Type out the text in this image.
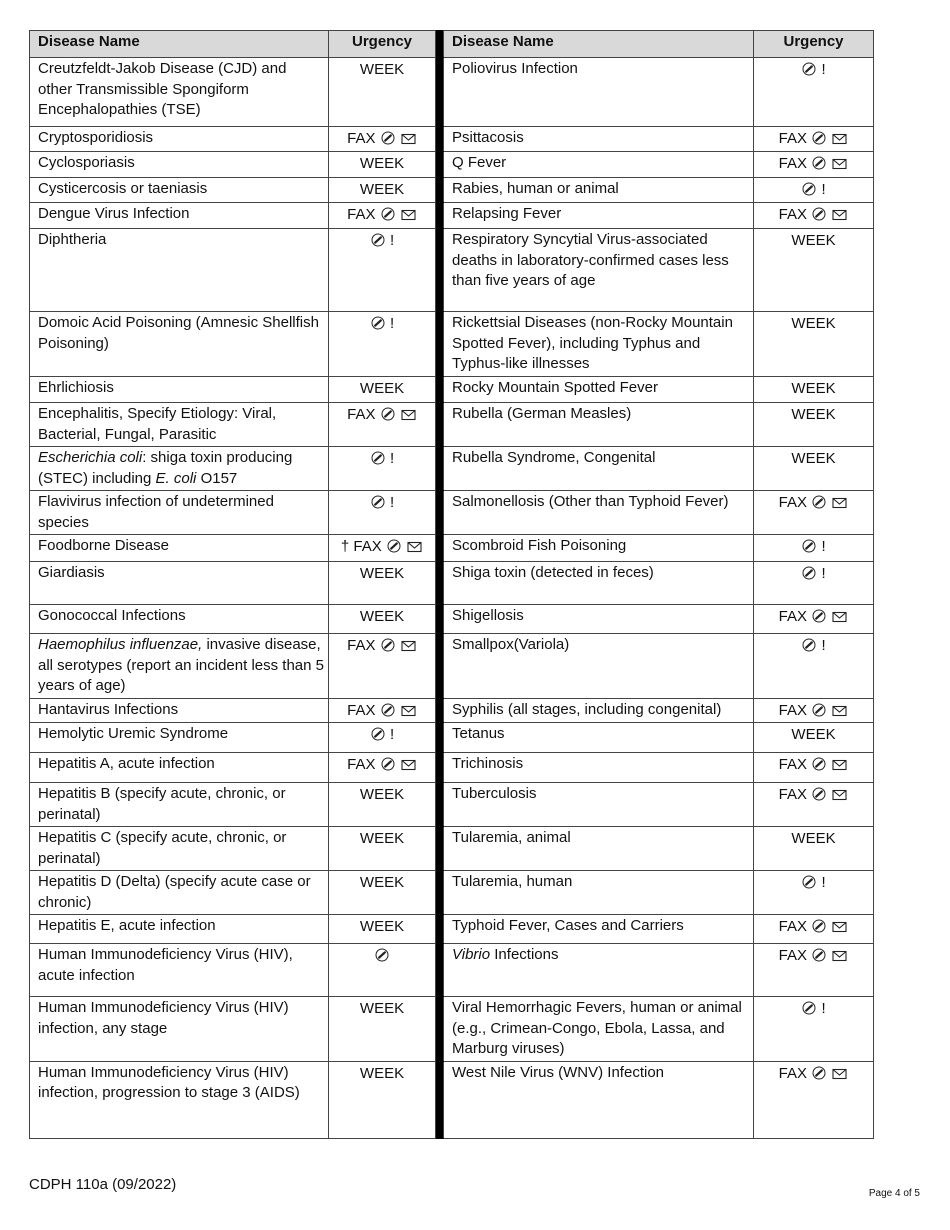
Disease Name	Urgency		Disease Name	Urgency
Creutzfeldt-Jakob Disease (CJD) and other Transmissible Spongiform Encephalopathies (TSE)	WEEK		Poliovirus Infection	!
Cryptosporidiosis	FAX		Psittacosis	FAX
Cyclosporiasis	WEEK		Q Fever	FAX
Cysticercosis or taeniasis	WEEK		Rabies, human or animal	!
Dengue Virus Infection	FAX		Relapsing Fever	FAX
Diphtheria	!		Respiratory Syncytial Virus-associated deaths in laboratory-confirmed cases less than five years of age	WEEK
Domoic Acid Poisoning (Amnesic Shellfish Poisoning)	!		Rickettsial Diseases (non-Rocky Mountain Spotted Fever), including Typhus and Typhus-like illnesses	WEEK
Ehrlichiosis	WEEK		Rocky Mountain Spotted Fever	WEEK
Encephalitis, Specify Etiology: Viral, Bacterial, Fungal, Parasitic	FAX		Rubella (German Measles)	WEEK
Escherichia coli: shiga toxin producing (STEC) including E. coli O157	!		Rubella Syndrome, Congenital	WEEK
Flavivirus infection of undetermined species	!		Salmonellosis (Other than Typhoid Fever)	FAX
Foodborne Disease	† FAX		Scombroid Fish Poisoning	!
Giardiasis	WEEK		Shiga toxin (detected in feces)	!
Gonococcal Infections	WEEK		Shigellosis	FAX
Haemophilus influenzae, invasive disease, all serotypes (report an incident less than 5 years of age)	FAX		Smallpox(Variola)	!
Hantavirus Infections	FAX		Syphilis (all stages, including congenital)	FAX
Hemolytic Uremic Syndrome	!		Tetanus	WEEK
Hepatitis A, acute infection	FAX		Trichinosis	FAX
Hepatitis B (specify acute, chronic, or perinatal)	WEEK		Tuberculosis	FAX
Hepatitis C (specify acute, chronic, or perinatal)	WEEK		Tularemia, animal	WEEK
Hepatitis D (Delta) (specify acute case or chronic)	WEEK		Tularemia, human	!
Hepatitis E, acute infection	WEEK		Typhoid Fever, Cases and Carriers	FAX
Human Immunodeficiency Virus (HIV), acute infection			Vibrio Infections	FAX
Human Immunodeficiency Virus (HIV) infection, any stage	WEEK		Viral Hemorrhagic Fevers, human or animal (e.g., Crimean-Congo, Ebola, Lassa, and Marburg viruses)	!
Human Immunodeficiency Virus (HIV) infection, progression to stage 3 (AIDS)	WEEK		West Nile Virus (WNV) Infection	FAX
CDPH 110a (09/2022)
Page 4 of 5
